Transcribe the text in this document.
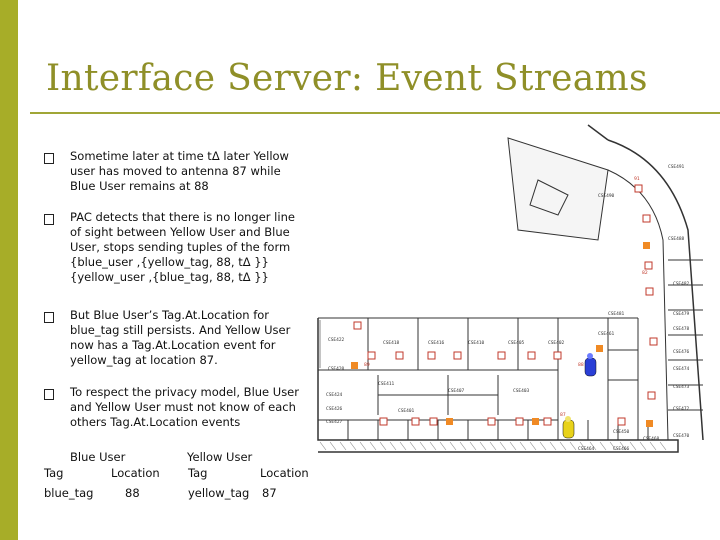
Interface Server: Event Streams
Sometime later at time tΔ later Yellow
user has moved to antenna 87 while
Blue User remains at 88
PAC detects that there is no longer line
of sight between Yellow User and Blue
User, stops sending tuples of the form
{blue_user ,{yellow_tag, 88, tΔ }}
{yellow_user ,{blue_tag, 88, tΔ }}
But Blue User’s Tag.At.Location for
blue_tag still persists. And Yellow User
now has a Tag.At.Location event for
yellow_tag at location 87.
To respect the privacy model, Blue User
and Yellow User must not know of each
others Tag.At.Location events
Blue User
Tag	Location
blue_tag	88
Yellow User
Tag	Location
yellow_tag 87
CSE491
CSE490
CSE488
CSE482
CSE481	CSE479
CSE478
CSE476
CSE474
CSE473
CSE472
CSE470
CSE468
CSE466
CSE464
CSE461
CSE422
CSE420
CSE418	CSE416	CSE410	CSE405
CSE403
CSE407
CSE401
CSE424
CSE426
CSE427
CSE402
CSE411
CSE450
89
87
88
91
82
